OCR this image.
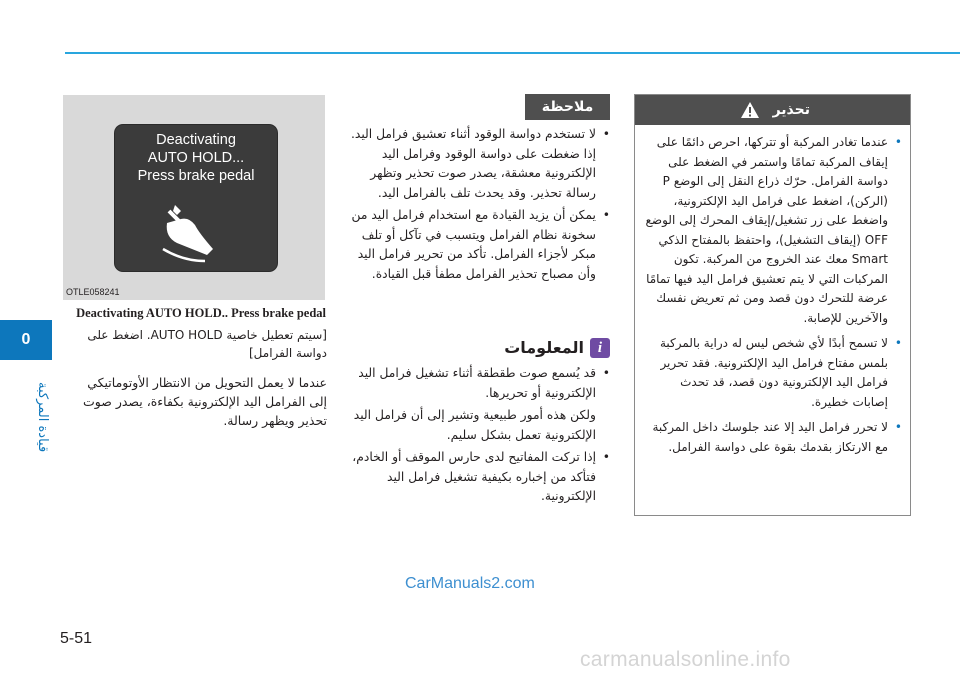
0
قيادة المركبة
Deactivating
AUTO HOLD...
Press brake pedal
OTLE058241
Deactivating AUTO HOLD.. Press brake pedal
[سيتم تعطيل خاصية AUTO HOLD. اضغط على دواسة الفرامل]
عندما لا يعمل التحويل من الانتظار الأوتوماتيكي إلى الفرامل اليد الإلكترونية بكفاءة، يصدر صوت تحذير ويظهر رسالة.
ملاحظة
•
لا تستخدم دواسة الوقود أثناء تعشيق فرامل اليد. إذا ضغطت على دواسة الوقود وفرامل اليد الإلكترونية معشقة، يصدر صوت تحذير وتظهر رسالة تحذير. وقد يحدث تلف بالفرامل اليد.
•
يمكن أن يزيد القيادة مع استخدام فرامل اليد من سخونة نظام الفرامل ويتسبب في تآكل أو تلف مبكر لأجزاء الفرامل. تأكد من تحرير فرامل اليد وأن مصباح تحذير الفرامل مطفأ قبل القيادة.
i
المعلومات
•
قد يُسمع صوت طقطقة أثناء تشغيل فرامل اليد الإلكترونية أو تحريرها.
ولكن هذه أمور طبيعية وتشير إلى أن فرامل اليد الإلكترونية تعمل بشكل سليم.
•
إذا تركت المفاتيح لدى حارس الموقف أو الخادم، فتأكد من إخباره بكيفية تشغيل فرامل اليد الإلكترونية.
تحذير
•
عندما تغادر المركبة أو تتركها، احرص دائمًا على إيقاف المركبة تمامًا واستمر في الضغط على دواسة الفرامل. حرّك ذراع النقل إلى الوضع P (الركن)، اضغط على فرامل اليد الإلكترونية، واضغط على زر تشغيل/إيقاف المحرك إلى الوضع OFF (إيقاف التشغيل)، واحتفظ بالمفتاح الذكي Smart معك عند الخروج من المركبة. تكون المركبات التي لا يتم تعشيق فرامل اليد فيها تمامًا عرضة للتحرك دون قصد ومن ثم تعريض نفسك والآخرين للإصابة.
•
لا تسمح أبدًا لأي شخص ليس له دراية بالمركبة بلمس مفتاح فرامل اليد الإلكترونية. فقد تحرير فرامل اليد الإلكترونية دون قصد، قد تحدث إصابات خطيرة.
•
لا تحرر فرامل اليد إلا عند جلوسك داخل المركبة مع الارتكاز بقدمك بقوة على دواسة الفرامل.
CarManuals2.com
5-51
carmanualsonline.info
